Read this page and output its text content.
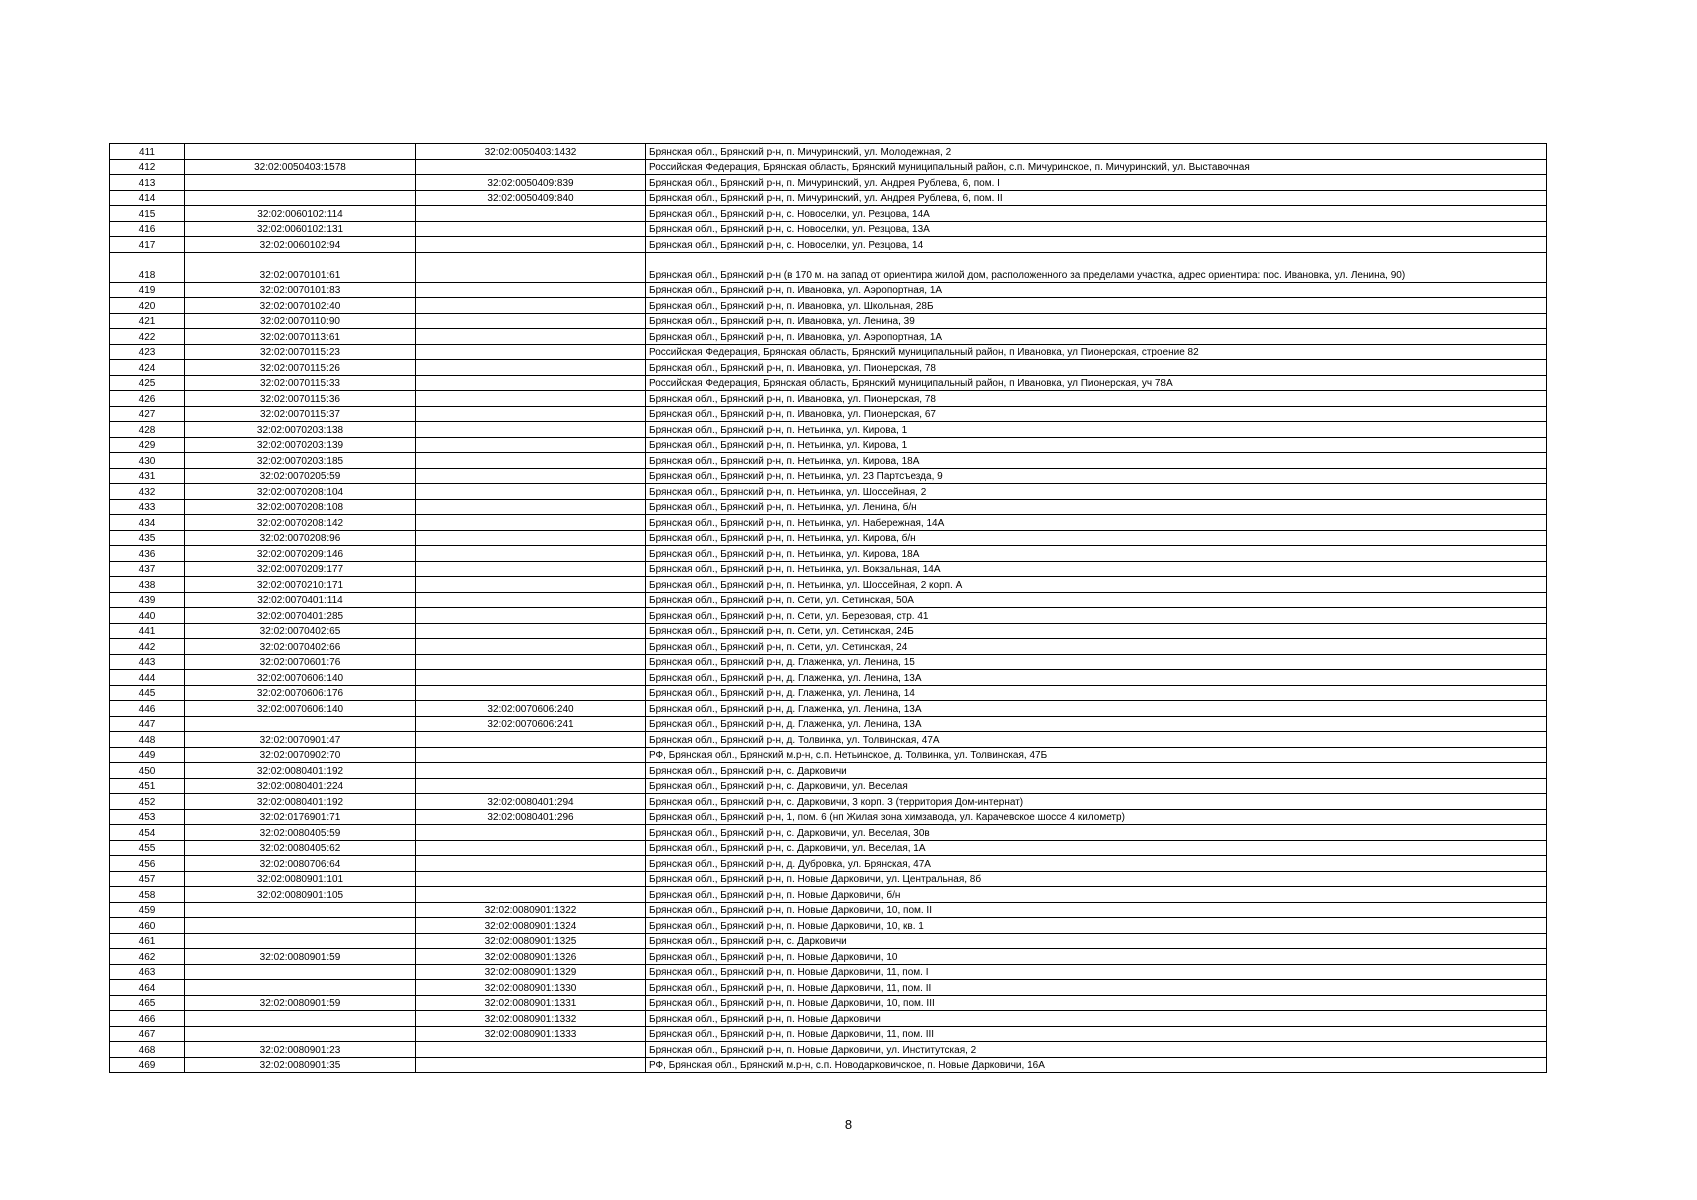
411		32:02:0050403:1432	Брянская обл., Брянский р-н, п. Мичуринский, ул. Молодежная, 2
412	32:02:0050403:1578		Российская Федерация, Брянская область, Брянский муниципальный район, с.п. Мичуринское, п. Мичуринский, ул. Выставочная
413		32:02:0050409:839	Брянская обл., Брянский р-н, п. Мичуринский, ул. Андрея Рублева, 6, пом. I
414		32:02:0050409:840	Брянская обл., Брянский р-н, п. Мичуринский, ул. Андрея Рублева, 6, пом. II
415	32:02:0060102:114		Брянская обл., Брянский р-н, с. Новоселки, ул. Резцова, 14А
416	32:02:0060102:131		Брянская обл., Брянский р-н, с. Новоселки, ул. Резцова, 13А
417	32:02:0060102:94		Брянская обл., Брянский р-н, с. Новоселки, ул. Резцова, 14
418	32:02:0070101:61		Брянская обл., Брянский р-н (в 170 м. на запад от ориентира жилой дом, расположенного за пределами участка, адрес ориентира: пос. Ивановка, ул. Ленина, 90)
419	32:02:0070101:83		Брянская обл., Брянский р-н, п. Ивановка, ул. Аэропортная, 1А
420	32:02:0070102:40		Брянская обл., Брянский р-н, п. Ивановка, ул. Школьная, 28Б
421	32:02:0070110:90		Брянская обл., Брянский р-н, п. Ивановка, ул. Ленина, 39
422	32:02:0070113:61		Брянская обл., Брянский р-н, п. Ивановка, ул. Аэропортная, 1А
423	32:02:0070115:23		Российская Федерация, Брянская область, Брянский муниципальный район, п Ивановка, ул Пионерская, строение 82
424	32:02:0070115:26		Брянская обл., Брянский р-н, п. Ивановка, ул. Пионерская, 78
425	32:02:0070115:33		Российская Федерация, Брянская область, Брянский муниципальный район, п Ивановка, ул Пионерская, уч 78А
426	32:02:0070115:36		Брянская обл., Брянский р-н, п. Ивановка, ул. Пионерская, 78
427	32:02:0070115:37		Брянская обл., Брянский р-н, п. Ивановка, ул. Пионерская, 67
428	32:02:0070203:138		Брянская обл., Брянский р-н, п. Нетьинка, ул. Кирова, 1
429	32:02:0070203:139		Брянская обл., Брянский р-н, п. Нетьинка, ул. Кирова, 1
430	32:02:0070203:185		Брянская обл., Брянский р-н, п. Нетьинка, ул. Кирова, 18А
431	32:02:0070205:59		Брянская обл., Брянский р-н, п. Нетьинка, ул. 23 Партсъезда, 9
432	32:02:0070208:104		Брянская обл., Брянский р-н, п. Нетьинка, ул. Шоссейная, 2
433	32:02:0070208:108		Брянская обл., Брянский р-н, п. Нетьинка, ул. Ленина, б/н
434	32:02:0070208:142		Брянская обл., Брянский р-н, п. Нетьинка, ул. Набережная, 14А
435	32:02:0070208:96		Брянская обл., Брянский р-н, п. Нетьинка, ул. Кирова, б/н
436	32:02:0070209:146		Брянская обл., Брянский р-н, п. Нетьинка, ул. Кирова, 18А
437	32:02:0070209:177		Брянская обл., Брянский р-н, п. Нетьинка, ул. Вокзальная, 14А
438	32:02:0070210:171		Брянская обл., Брянский р-н, п. Нетьинка, ул. Шоссейная, 2 корп. А
439	32:02:0070401:114		Брянская обл., Брянский р-н, п. Сети, ул. Сетинская, 50А
440	32:02:0070401:285		Брянская обл., Брянский р-н, п. Сети, ул. Березовая, стр. 41
441	32:02:0070402:65		Брянская обл., Брянский р-н, п. Сети, ул. Сетинская, 24Б
442	32:02:0070402:66		Брянская обл., Брянский р-н, п. Сети, ул. Сетинская, 24
443	32:02:0070601:76		Брянская обл., Брянский р-н, д. Глаженка, ул. Ленина, 15
444	32:02:0070606:140		Брянская обл., Брянский р-н, д. Глаженка, ул. Ленина, 13А
445	32:02:0070606:176		Брянская обл., Брянский р-н, д. Глаженка, ул. Ленина, 14
446	32:02:0070606:140	32:02:0070606:240	Брянская обл., Брянский р-н, д. Глаженка, ул. Ленина, 13А
447		32:02:0070606:241	Брянская обл., Брянский р-н, д. Глаженка, ул. Ленина, 13А
448	32:02:0070901:47		Брянская обл., Брянский р-н, д. Толвинка, ул. Толвинская, 47А
449	32:02:0070902:70		РФ, Брянская обл., Брянский м.р-н, с.п. Нетьинское, д. Толвинка, ул. Толвинская, 47Б
450	32:02:0080401:192		Брянская обл., Брянский р-н, с. Дарковичи
451	32:02:0080401:224		Брянская обл., Брянский р-н, с. Дарковичи, ул. Веселая
452	32:02:0080401:192	32:02:0080401:294	Брянская обл., Брянский р-н, с. Дарковичи, 3 корп. 3 (территория Дом-интернат)
453	32:02:0176901:71	32:02:0080401:296	Брянская обл., Брянский р-н, 1, пом. 6 (нп Жилая зона химзавода, ул. Карачевское шоссе 4 километр)
454	32:02:0080405:59		Брянская обл., Брянский р-н, с. Дарковичи, ул. Веселая, 30в
455	32:02:0080405:62		Брянская обл., Брянский р-н, с. Дарковичи, ул. Веселая, 1А
456	32:02:0080706:64		Брянская обл., Брянский р-н, д. Дубровка, ул. Брянская, 47А
457	32:02:0080901:101		Брянская обл., Брянский р-н, п. Новые Дарковичи, ул. Центральная, 8б
458	32:02:0080901:105		Брянская обл., Брянский р-н, п. Новые Дарковичи, б/н
459		32:02:0080901:1322	Брянская обл., Брянский р-н, п. Новые Дарковичи, 10, пом. II
460		32:02:0080901:1324	Брянская обл., Брянский р-н, п. Новые Дарковичи, 10, кв. 1
461		32:02:0080901:1325	Брянская обл., Брянский р-н, с. Дарковичи
462	32:02:0080901:59	32:02:0080901:1326	Брянская обл., Брянский р-н, п. Новые Дарковичи, 10
463		32:02:0080901:1329	Брянская обл., Брянский р-н, п. Новые Дарковичи, 11, пом. I
464		32:02:0080901:1330	Брянская обл., Брянский р-н, п. Новые Дарковичи, 11, пом. II
465	32:02:0080901:59	32:02:0080901:1331	Брянская обл., Брянский р-н, п. Новые Дарковичи, 10, пом. III
466		32:02:0080901:1332	Брянская обл., Брянский р-н, п. Новые Дарковичи
467		32:02:0080901:1333	Брянская обл., Брянский р-н, п. Новые Дарковичи, 11, пом. III
468	32:02:0080901:23		Брянская обл., Брянский р-н, п. Новые Дарковичи, ул. Институтская, 2
469	32:02:0080901:35		РФ, Брянская обл., Брянский м.р-н, с.п. Новодарковичское, п. Новые Дарковичи, 16А
8
